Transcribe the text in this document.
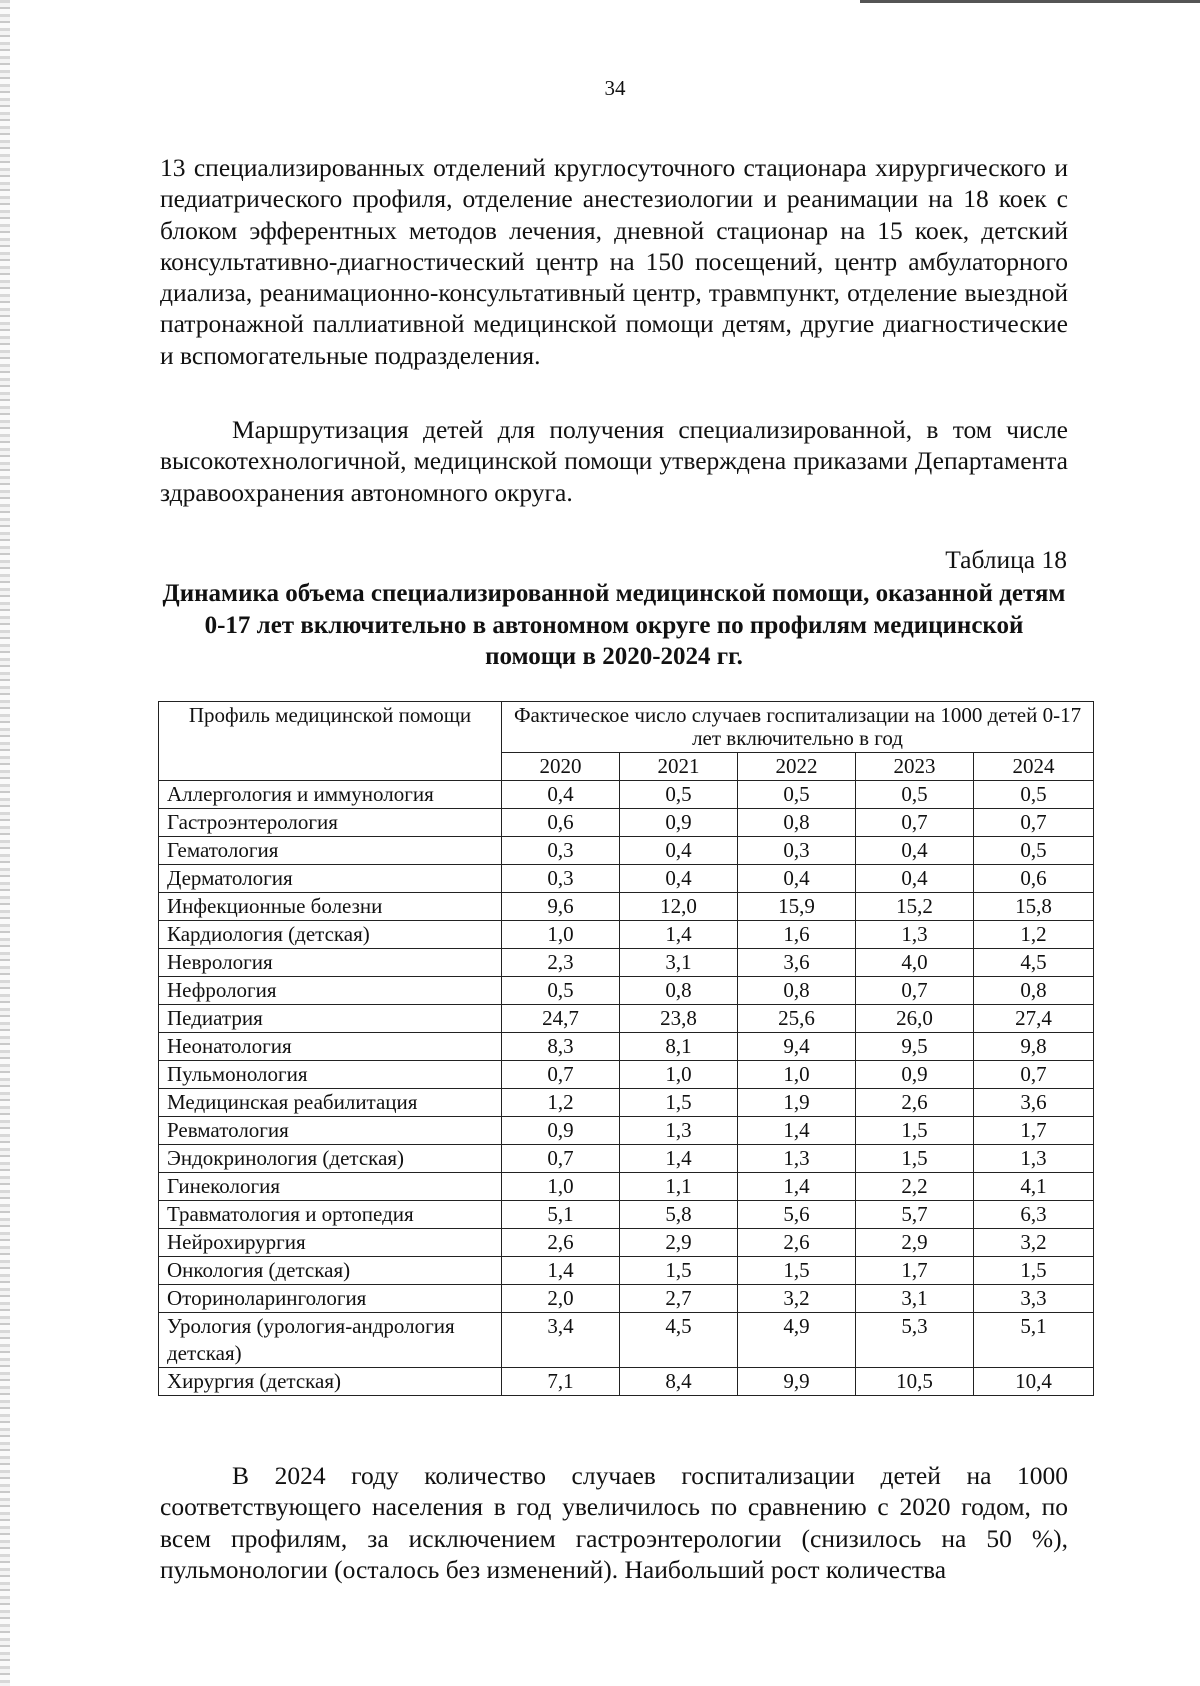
34

13 специализированных отделений круглосуточного стационара хирургического и педиатрического профиля, отделение анестезиологии и реанимации на 18 коек с блоком эфферентных методов лечения, дневной стационар на 15 коек, детский консультативно-диагностический центр на 150 посещений, центр амбулаторного диализа, реанимационно-консультативный центр, травмпункт, отделение выездной патронажной паллиативной медицинской помощи детям, другие диагностические и вспомогательные подразделения.

Маршрутизация детей для получения специализированной, в том числе высокотехнологичной, медицинской помощи утверждена приказами Департамента здравоохранения автономного округа.

Таблица 18

Динамика объема специализированной медицинской помощи, оказанной детям 0-17 лет включительно в автономном округе по профилям медицинской помощи в 2020-2024 гг.

Профиль медицинской помощи	Фактическое число случаев госпитализации на 1000 детей 0-17 лет включительно в год				
	2020	2021	2022	2023	2024
Аллергология и иммунология	0,4	0,5	0,5	0,5	0,5
Гастроэнтерология	0,6	0,9	0,8	0,7	0,7
Гематология	0,3	0,4	0,3	0,4	0,5
Дерматология	0,3	0,4	0,4	0,4	0,6
Инфекционные болезни	9,6	12,0	15,9	15,2	15,8
Кардиология (детская)	1,0	1,4	1,6	1,3	1,2
Неврология	2,3	3,1	3,6	4,0	4,5
Нефрология	0,5	0,8	0,8	0,7	0,8
Педиатрия	24,7	23,8	25,6	26,0	27,4
Неонатология	8,3	8,1	9,4	9,5	9,8
Пульмонология	0,7	1,0	1,0	0,9	0,7
Медицинская реабилитация	1,2	1,5	1,9	2,6	3,6
Ревматология	0,9	1,3	1,4	1,5	1,7
Эндокринология (детская)	0,7	1,4	1,3	1,5	1,3
Гинекология	1,0	1,1	1,4	2,2	4,1
Травматология и ортопедия	5,1	5,8	5,6	5,7	6,3
Нейрохирургия	2,6	2,9	2,6	2,9	3,2
Онкология (детская)	1,4	1,5	1,5	1,7	1,5
Оториноларингология	2,0	2,7	3,2	3,1	3,3
Урология (урология-андрология детская)	3,4	4,5	4,9	5,3	5,1
Хирургия (детская)	7,1	8,4	9,9	10,5	10,4

В 2024 году количество случаев госпитализации детей на 1000 соответствующего населения в год увеличилось по сравнению с 2020 годом, по всем профилям, за исключением гастроэнтерологии (снизилось на 50 %), пульмонологии (осталось без изменений). Наибольший рост количества
